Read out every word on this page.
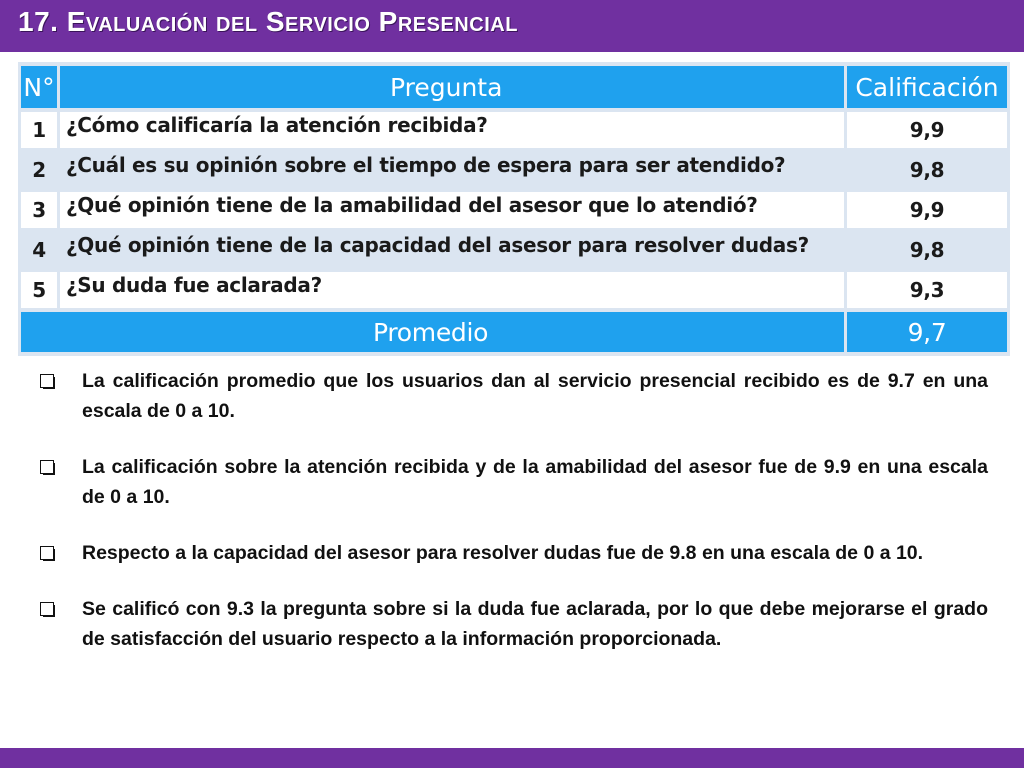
17. Evaluación del Servicio Presencial
N°	Pregunta	Calificación
1	¿Cómo calificaría la atención recibida?	9,9
2	¿Cuál es su opinión sobre el tiempo de espera para ser atendido?	9,8
3	¿Qué opinión tiene de la amabilidad del asesor que lo atendió?	9,9
4	¿Qué opinión tiene de la capacidad del asesor para resolver dudas?	9,8
5	¿Su duda fue aclarada?	9,3
Promedio		9,7
La calificación promedio que los usuarios dan al servicio presencial recibido es de 9.7 en una escala de 0 a 10.
La calificación sobre la atención recibida y de la amabilidad del asesor fue de 9.9 en una escala de 0 a 10.
Respecto a la capacidad del asesor para resolver dudas fue de 9.8 en una escala de 0 a 10.
Se calificó con 9.3 la pregunta sobre si la duda fue aclarada, por lo que debe mejorarse el grado de satisfacción del usuario respecto a la información proporcionada.
